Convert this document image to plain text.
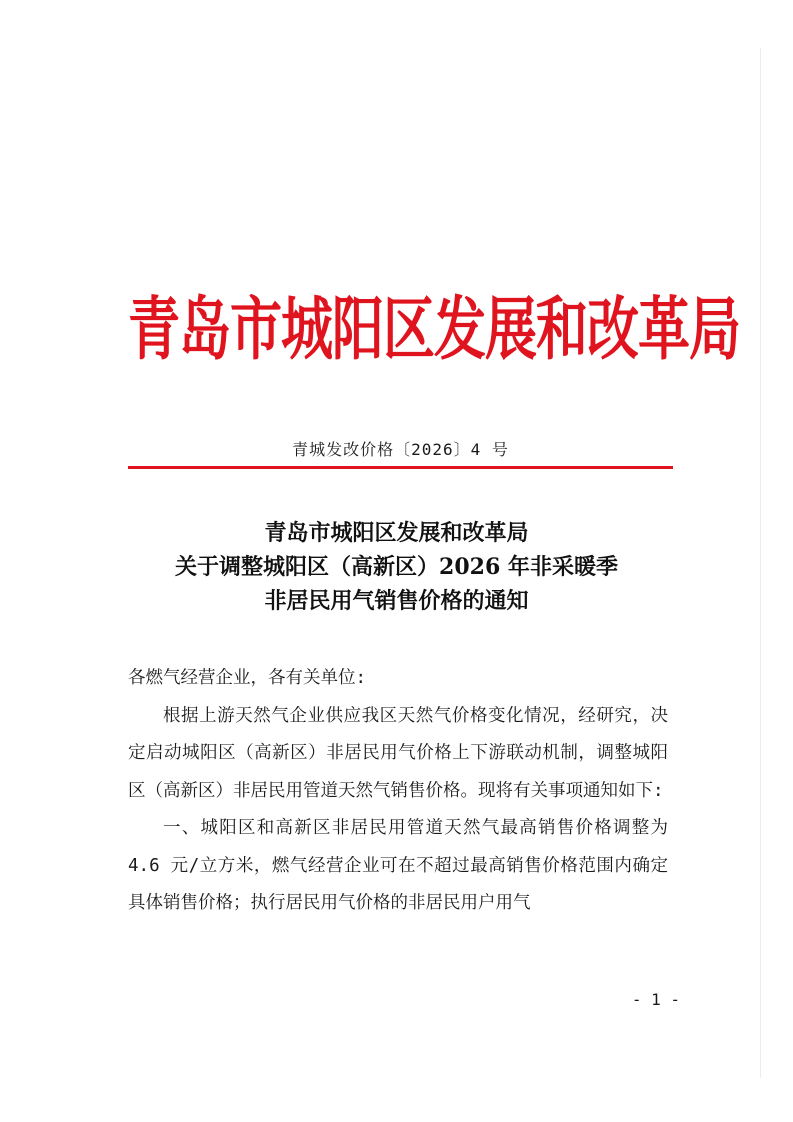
青岛市城阳区发展和改革局
青城发改价格〔2026〕4 号
青岛市城阳区发展和改革局
关于调整城阳区（高新区）2026 年非采暖季
非居民用气销售价格的通知

各燃气经营企业，各有关单位:

根据上游天然气企业供应我区天然气价格变化情况，经研究，决定启动城阳区（高新区）非居民用气价格上下游联动机制，调整城阳区（高新区）非居民用管道天然气销售价格。现将有关事项通知如下:

一、城阳区和高新区非居民用管道天然气最高销售价格调整为 4.6 元/立方米，燃气经营企业可在不超过最高销售价格范围内确定具体销售价格；执行居民用气价格的非居民用户用气

- 1 -
